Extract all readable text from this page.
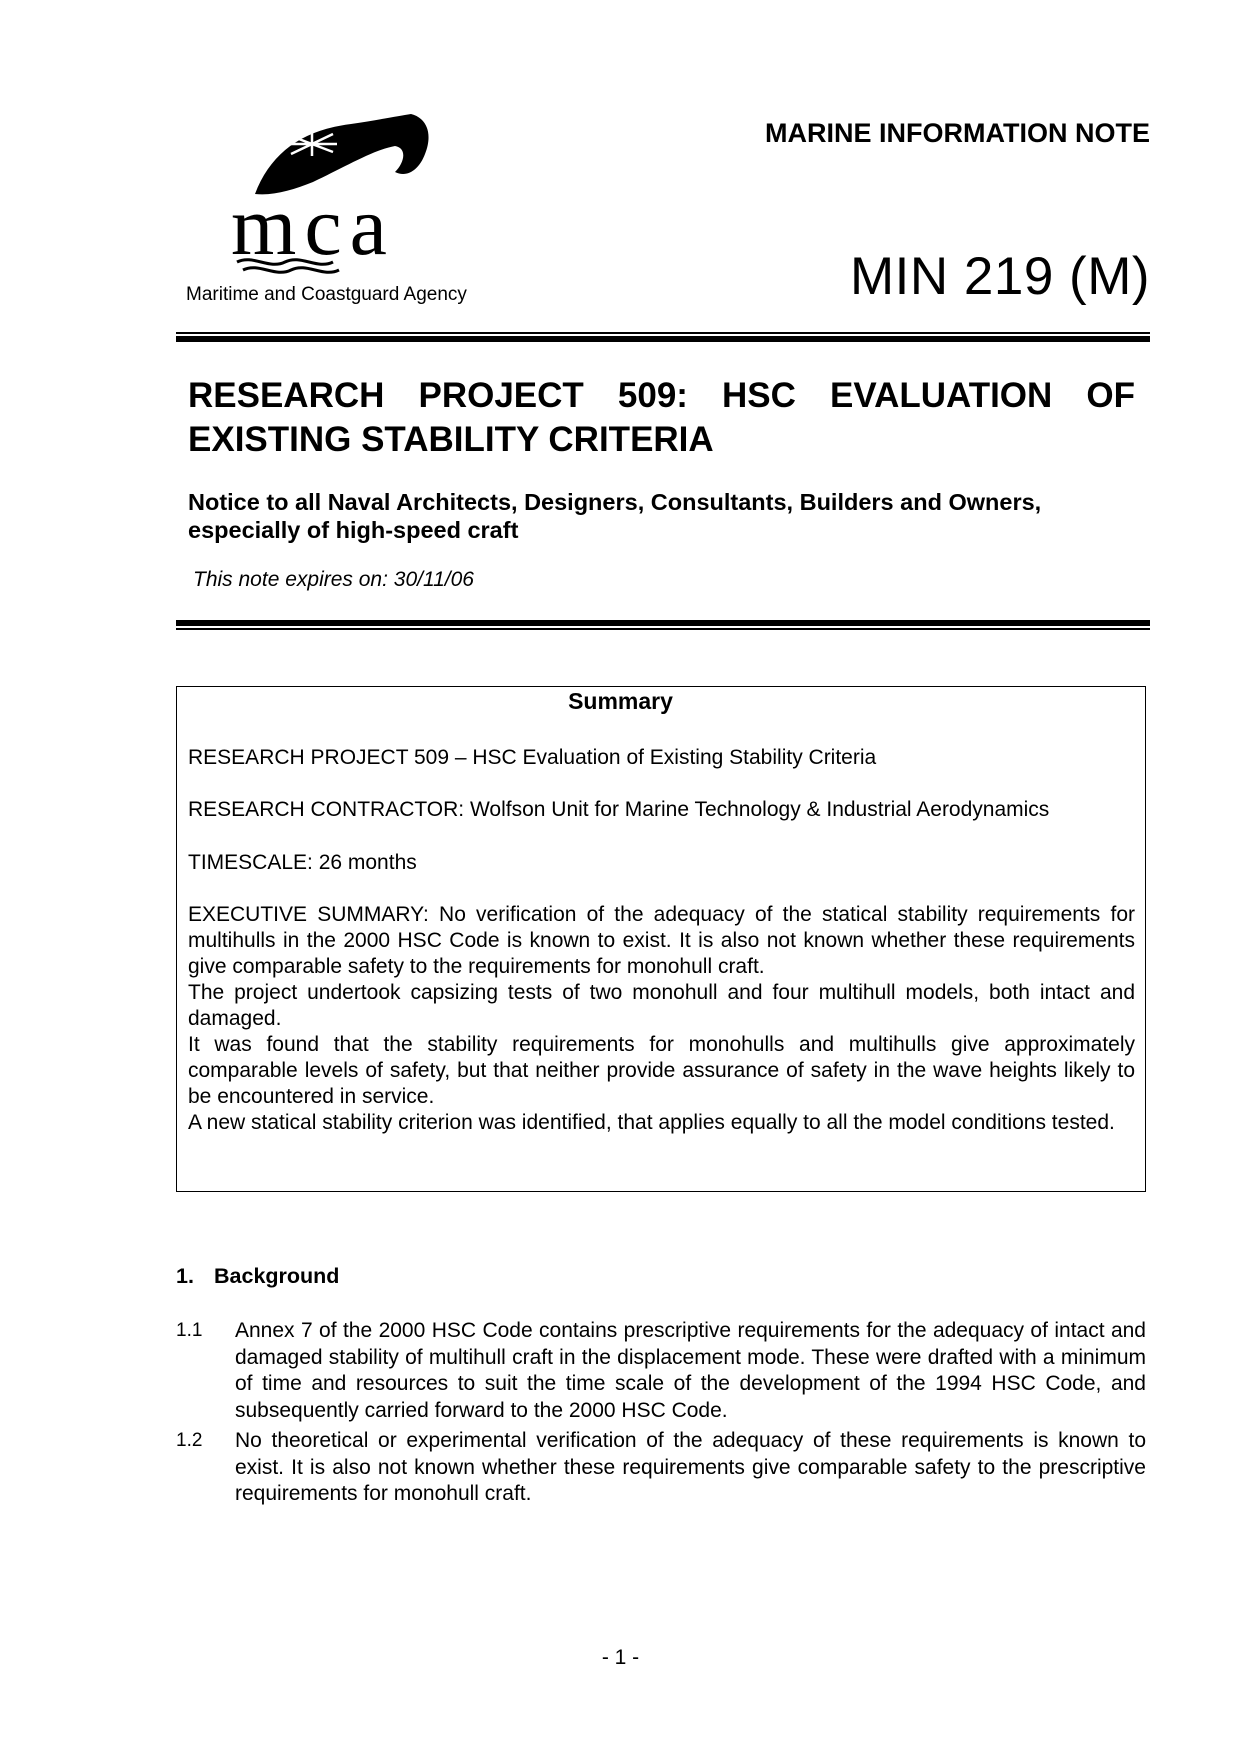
mca
Maritime and Coastguard Agency
MARINE INFORMATION NOTE
MIN 219 (M)
RESEARCH PROJECT 509: HSC EVALUATION OF EXISTING STABILITY CRITERIA
Notice to all Naval Architects, Designers, Consultants, Builders and Owners, especially of high-speed craft
This note expires on: 30/11/06
Summary
RESEARCH PROJECT 509 – HSC Evaluation of Existing Stability Criteria
RESEARCH CONTRACTOR: Wolfson Unit for Marine Technology & Industrial Aerodynamics
TIMESCALE: 26 months

EXECUTIVE SUMMARY: No verification of the adequacy of the statical stability requirements for multihulls in the 2000 HSC Code is known to exist. It is also not known whether these requirements give comparable safety to the requirements for monohull craft.

The project undertook capsizing tests of two monohull and four multihull models, both intact and damaged.

It was found that the stability requirements for monohulls and multihulls give approximately comparable levels of safety, but that neither provide assurance of safety in the wave heights likely to be encountered in service.

A new statical stability criterion was identified, that applies equally to all the model conditions tested.

1. Background
1.1	Annex 7 of the 2000 HSC Code contains prescriptive requirements for the adequacy of intact and damaged stability of multihull craft in the displacement mode. These were drafted with a minimum of time and resources to suit the time scale of the development of the 1994 HSC Code, and subsequently carried forward to the 2000 HSC Code.
1.2	No theoretical or experimental verification of the adequacy of these requirements is known to exist. It is also not known whether these requirements give comparable safety to the prescriptive requirements for monohull craft.
- 1 -
